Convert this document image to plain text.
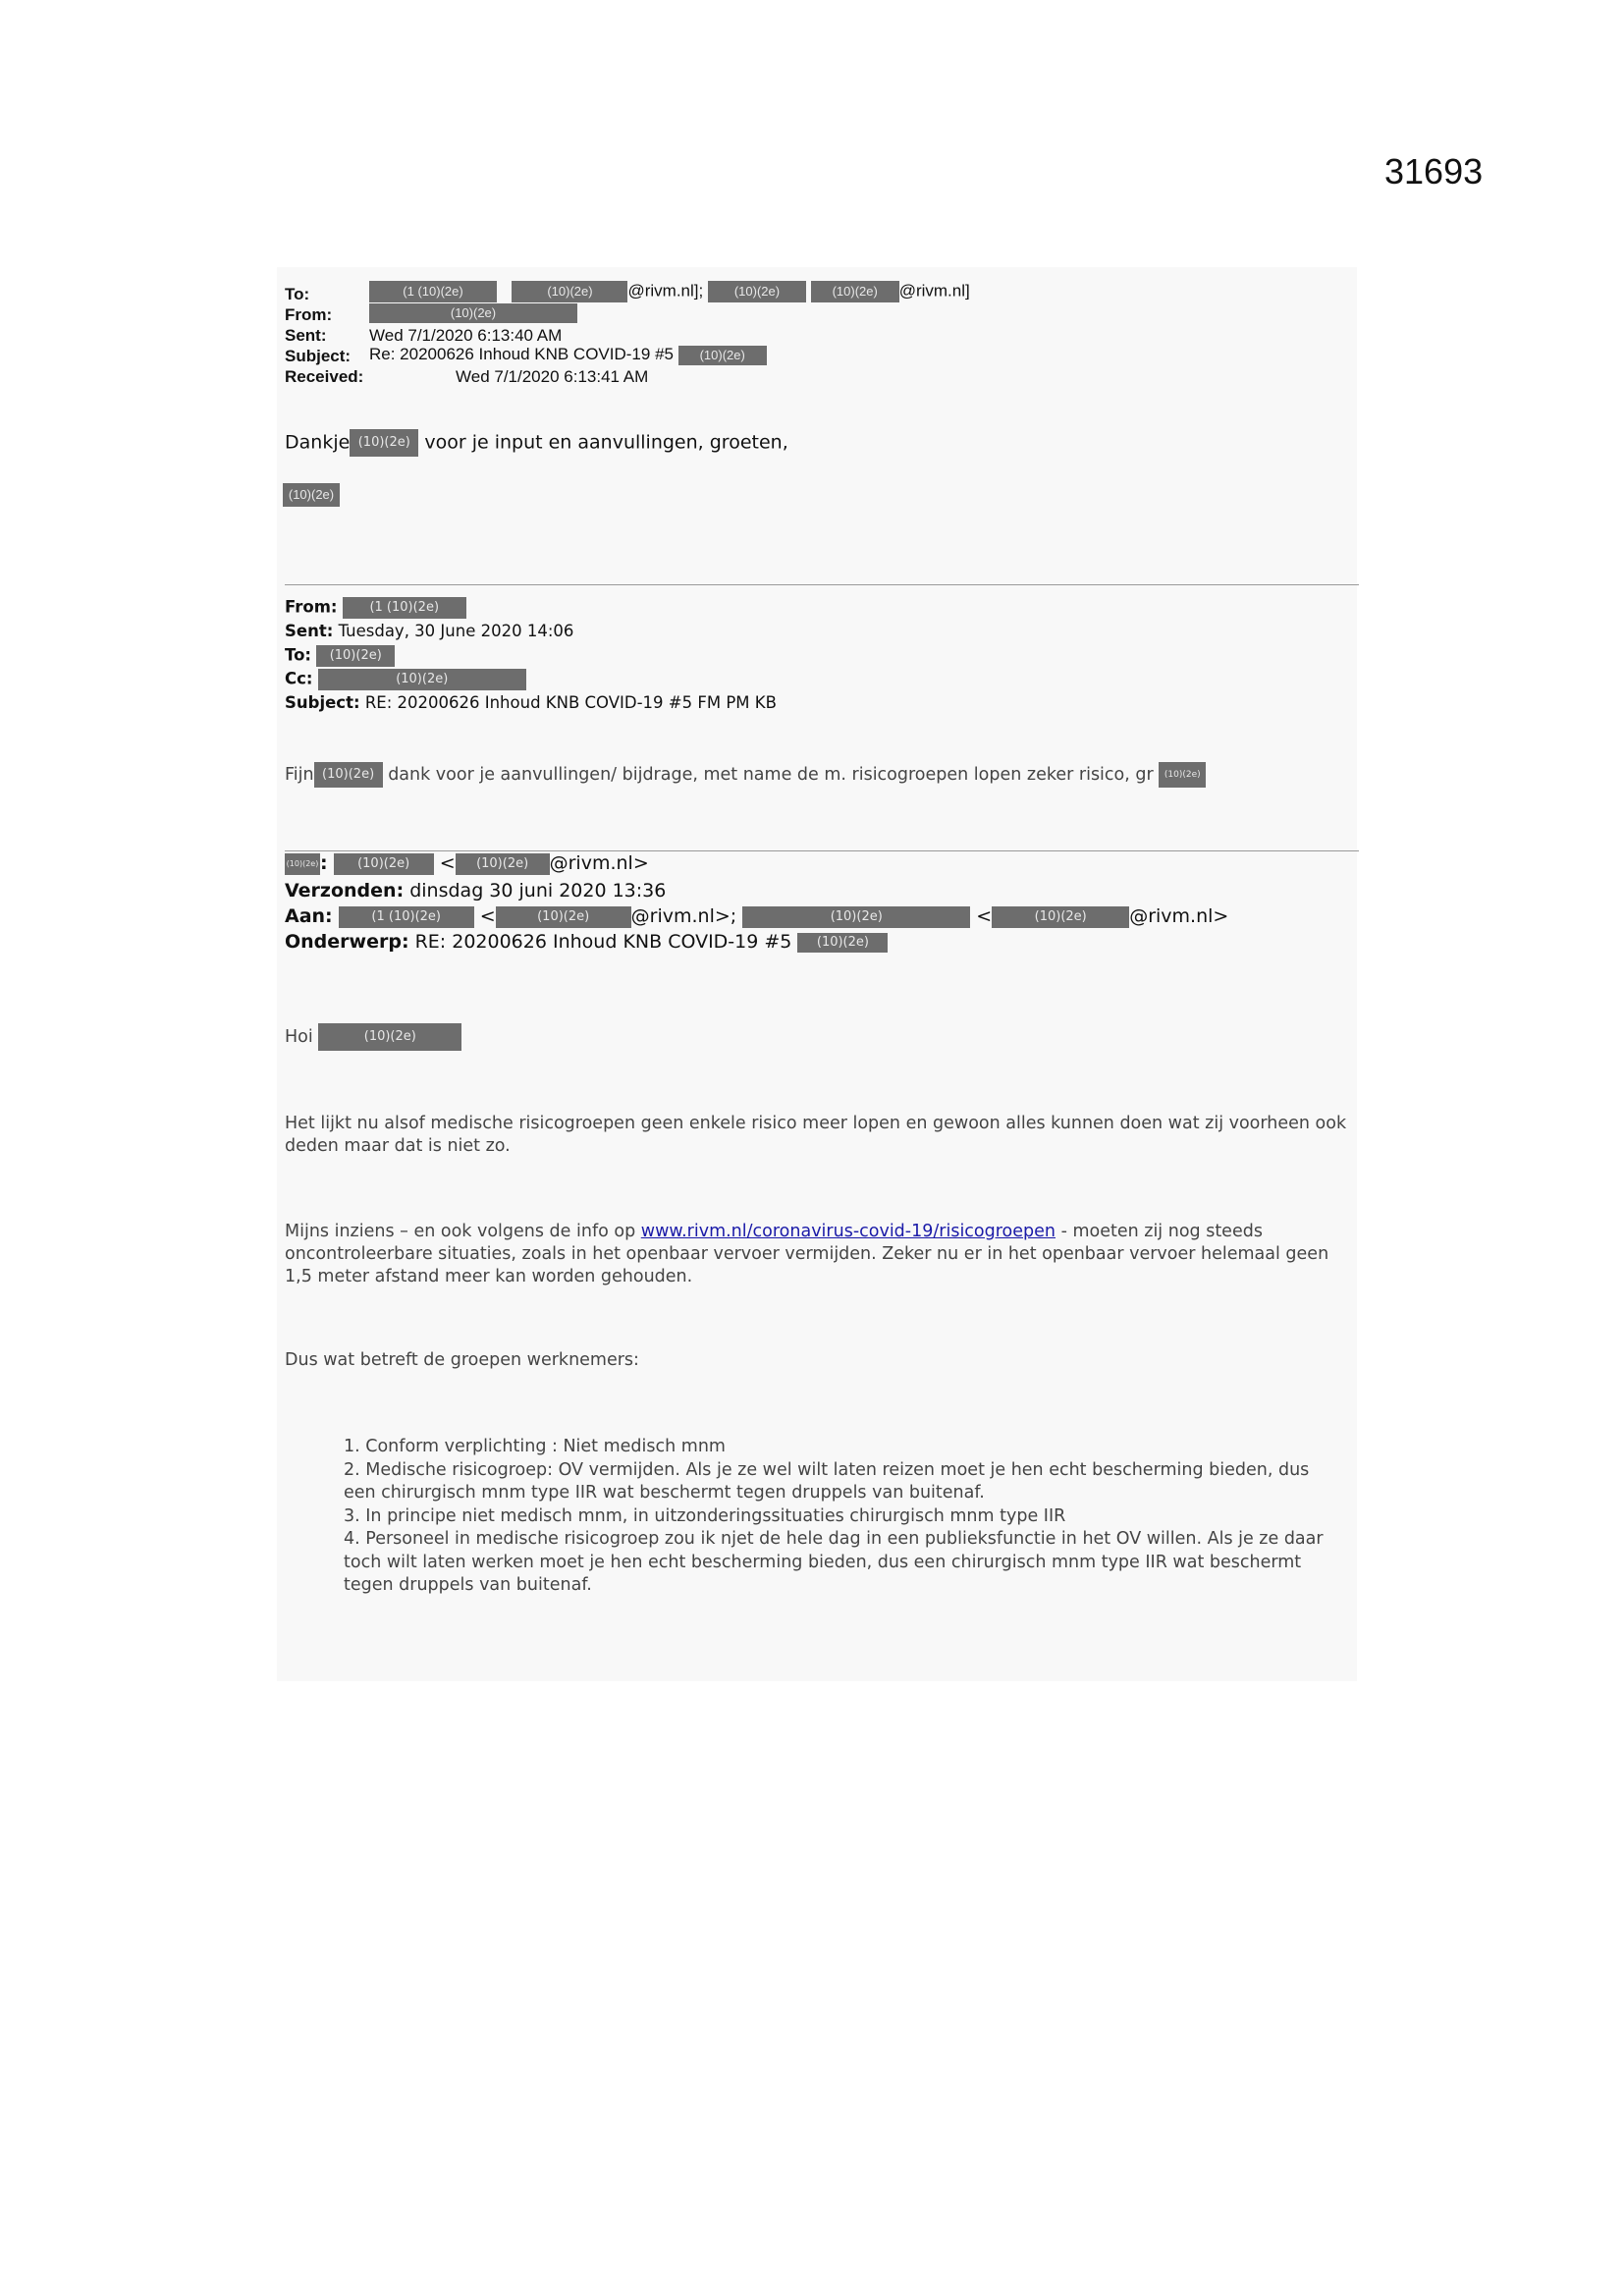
31693
To:	(1 (10)(2e)	(10)(2e) @rivm.nl]; (10)(2e)	(10)(2e) @rivm.nl]
From:	(10)(2e)
Sent:	Wed 7/1/2020 6:13:40 AM
Subject: Re: 20200626 Inhoud KNB COVID-19 #5 (10)(2e)
Received:	Wed 7/1/2020 6:13:41 AM
Dankje (10)(2e) voor je input en aanvullingen, groeten,
(10)(2e)
From:	(1 (10)(2e)
Sent: Tuesday, 30 June 2020 14:06
To: (10)(2e)
Cc:	(10)(2e)
Subject: RE: 20200626 Inhoud KNB COVID-19 #5 FM PM KB
Fijn (10)(2e) dank voor je aanvullingen/ bijdrage, met name de m. risicogroepen lopen zeker risico, gr (10)(2e)
(10)(2e): (10)(2e) < (10)(2e) @rivm.nl>
Verzonden: dinsdag 30 juni 2020 13:36
Aan:	(1 (10)(2e) <	(10)(2e) @rivm.nl>;	(10)(2e)	<	(10)(2e) @rivm.nl>
Onderwerp: RE: 20200626 Inhoud KNB COVID-19 #5 (10)(2e)
Hoi	(10)(2e)
Het lijkt nu alsof medische risicogroepen geen enkele risico meer lopen en gewoon alles kunnen doen wat zij voorheen ook deden maar dat is niet zo.
Mijns inziens – en ook volgens de info op www.rivm.nl/coronavirus-covid-19/risicogroepen - moeten zij nog steeds oncontroleerbare situaties, zoals in het openbaar vervoer vermijden. Zeker nu er in het openbaar vervoer helemaal geen 1,5 meter afstand meer kan worden gehouden.
Dus wat betreft de groepen werknemers:
1. Conform verplichting : Niet medisch mnm
2. Medische risicogroep: OV vermijden. Als je ze wel wilt laten reizen moet je hen echt bescherming bieden, dus een chirurgisch mnm type IIR wat beschermt tegen druppels van buitenaf.
3. In principe niet medisch mnm, in uitzonderingssituaties chirurgisch mnm type IIR
4. Personeel in medische risicogroep zou ik njet de hele dag in een publieksfunctie in het OV willen. Als je ze daar toch wilt laten werken moet je hen echt bescherming bieden, dus een chirurgisch mnm type IIR wat beschermt tegen druppels van buitenaf.
